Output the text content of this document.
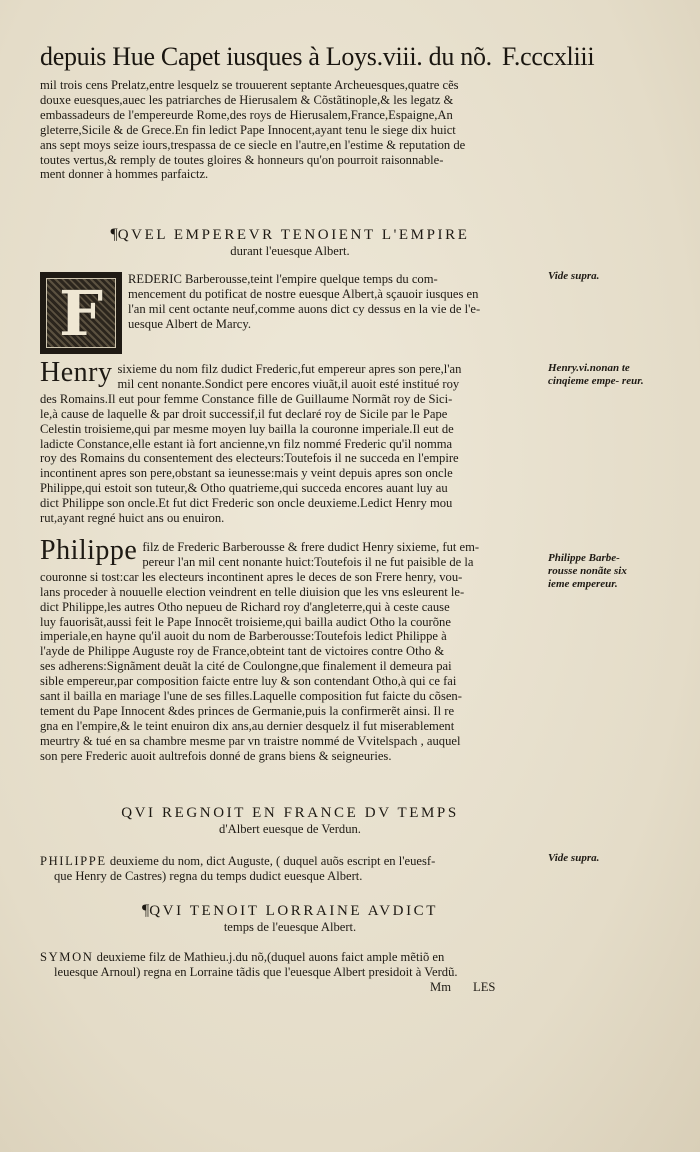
depuis Hue Capet iusques à Loys.viii. du nõ. F.cccxliii

mil trois cens Prelatz,entre lesquelz se trouuerent septante Archeuesques,quatre cẽs

douxe euesques,auec les patriarches de Hierusalem & Cõstãtinople,& les legatz &

embassadeurs de l'empereurde Rome,des roys de Hierusalem,France,Espaigne,An

gleterre,Sicile & de Grece.En fin ledict Pape Innocent,ayant tenu le siege dix huict

ans sept moys seize iours,trespassa de ce siecle en l'autre,en l'estime & reputation de

toutes vertus,& remply de toutes gloires & honneurs qu'on pourroit raisonnable-

ment donner à hommes parfaictz.

¶QVEL EMPEREVR TENOIENT L'EMPIRE
durant l'euesque Albert.
F	REDERIC Barberousse,teint l'empire quelque temps du com-

mencement du potificat de nostre euesque Albert,à sçauoir iusques en

l'an mil cent octante neuf,comme auons dict cy dessus en la vie de l'e-

uesque Albert de Marcy.

Vide supra.
Henry sixieme du nom filz dudict Frederic,fut empereur apres son pere,l'an

mil cent nonante.Sondict pere encores viuãt,il auoit esté institué roy

des Romains.Il eut pour femme Constance fille de Guillaume Normãt roy de Sici-

le,à cause de laquelle & par droit successif,il fut declaré roy de Sicile par le Pape

Celestin troisieme,qui par mesme moyen luy bailla la couronne imperiale.Il eut de

ladicte Constance,elle estant ià fort ancienne,vn filz nommé Frederic qu'il nomma

roy des Romains du consentement des electeurs:Toutefois il ne succeda en l'empire

incontinent apres son pere,obstant sa ieunesse:mais y veint depuis apres son oncle

Philippe,qui estoit son tuteur,& Otho quatrieme,qui succeda encores auant luy au

dict Philippe son oncle.Et fut dict Frederic son oncle deuxieme.Ledict Henry mou

rut,ayant regné huict ans ou enuiron.

Henry.vi.nonan te cinqieme empe- reur.
Philippe filz de Frederic Barberousse & frere dudict Henry sixieme, fut em-

pereur l'an mil cent nonante huict:Toutefois il ne fut paisible de la

couronne si tost:car les electeurs incontinent apres le deces de son Frere henry, vou-

lans proceder à nouuelle election veindrent en telle diuision que les vns esleurent le-

dict Philippe,les autres Otho nepueu de Richard roy d'angleterre,qui à ceste cause

luy fauorisãt,aussi feit le Pape Innocẽt troisieme,qui bailla audict Otho la courõne

imperiale,en hayne qu'il auoit du nom de Barberousse:Toutefois ledict Philippe à

l'ayde de Philippe Auguste roy de France,obteint tant de victoires contre Otho &

ses adherens:Signãment deuãt la cité de Coulongne,que finalement il demeura pai

sible empereur,par composition faicte entre luy & son contendant Otho,à qui ce fai

sant il bailla en mariage l'une de ses filles.Laquelle composition fut faicte du cõsen-

tement du Pape Innocent &des princes de Germanie,puis la confirmerẽt ainsi. Il re

gna en l'empire,& le teint enuiron dix ans,au dernier desquelz il fut miserablement

meurtry & tué en sa chambre mesme par vn traistre nommé de Vvitelspach , auquel

son pere Frederic auoit aultrefois donné de grans biens & seigneuries.

Philippe Barbe- rousse nonãte six ieme empereur.
QVI REGNOIT EN FRANCE DV TEMPS
d'Albert euesque de Verdun.

PHILIPPE deuxieme du nom, dict Auguste, ( duquel auõs escript en l'euesf-

que Henry de Castres) regna du temps dudict euesque Albert.

Vide supra.
¶QVI TENOIT LORRAINE AVDICT
temps de l'euesque Albert.

SYMON deuxieme filz de Mathieu.j.du nõ,(duquel auons faict ample mẽtiõ en

leuesque Arnoul) regna en Lorraine tãdis que l'euesque Albert presidoit à Verdũ.

Mm LES
